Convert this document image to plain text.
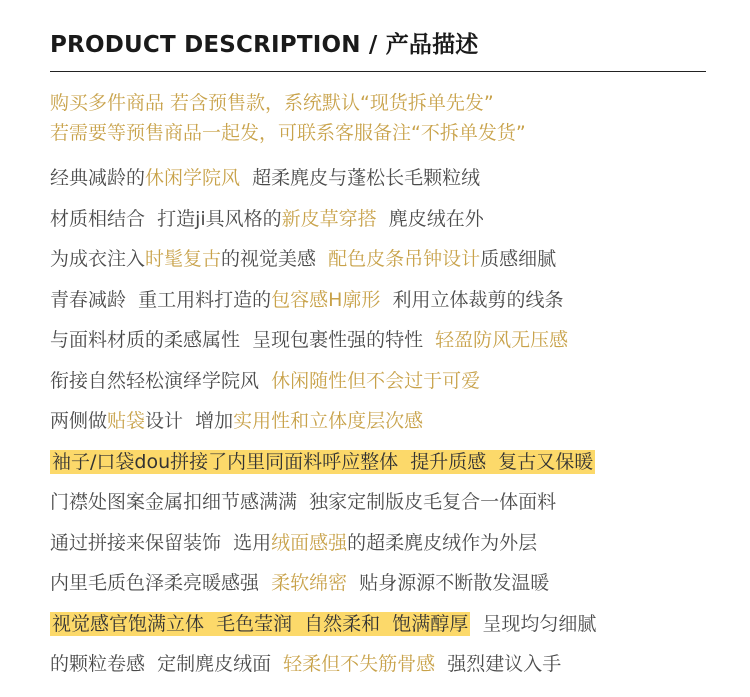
PRODUCT DESCRIPTION / 产品描述
购买多件商品 若含预售款，系统默认“现货拆单先发”
若需要等预售商品一起发，可联系客服备注“不拆单发货”
经典减龄的休闲学院风  超柔麂皮与蓬松长毛颗粒绒
材质相结合  打造ji具风格的新皮草穿搭  麂皮绒在外
为成衣注入时髦复古的视觉美感  配色皮条吊钟设计质感细腻
青春减龄  重工用料打造的包容感H廓形  利用立体裁剪的线条
与面料材质的柔感属性  呈现包裹性强的特性  轻盈防风无压感
衔接自然轻松演绎学院风  休闲随性但不会过于可爱
两侧做贴袋设计  增加实用性和立体度层次感
袖子/口袋dou拼接了内里同面料呼应整体  提升质感  复古又保暖
门襟处图案金属扣细节感满满  独家定制版皮毛复合一体面料
通过拼接来保留装饰  选用绒面感强的超柔麂皮绒作为外层
内里毛质色泽柔亮暖感强  柔软绵密  贴身源源不断散发温暖
视觉感官饱满立体  毛色莹润  自然柔和  饱满醇厚  呈现均匀细腻
的颗粒卷感  定制麂皮绒面  轻柔但不失筋骨感  强烈建议入手
